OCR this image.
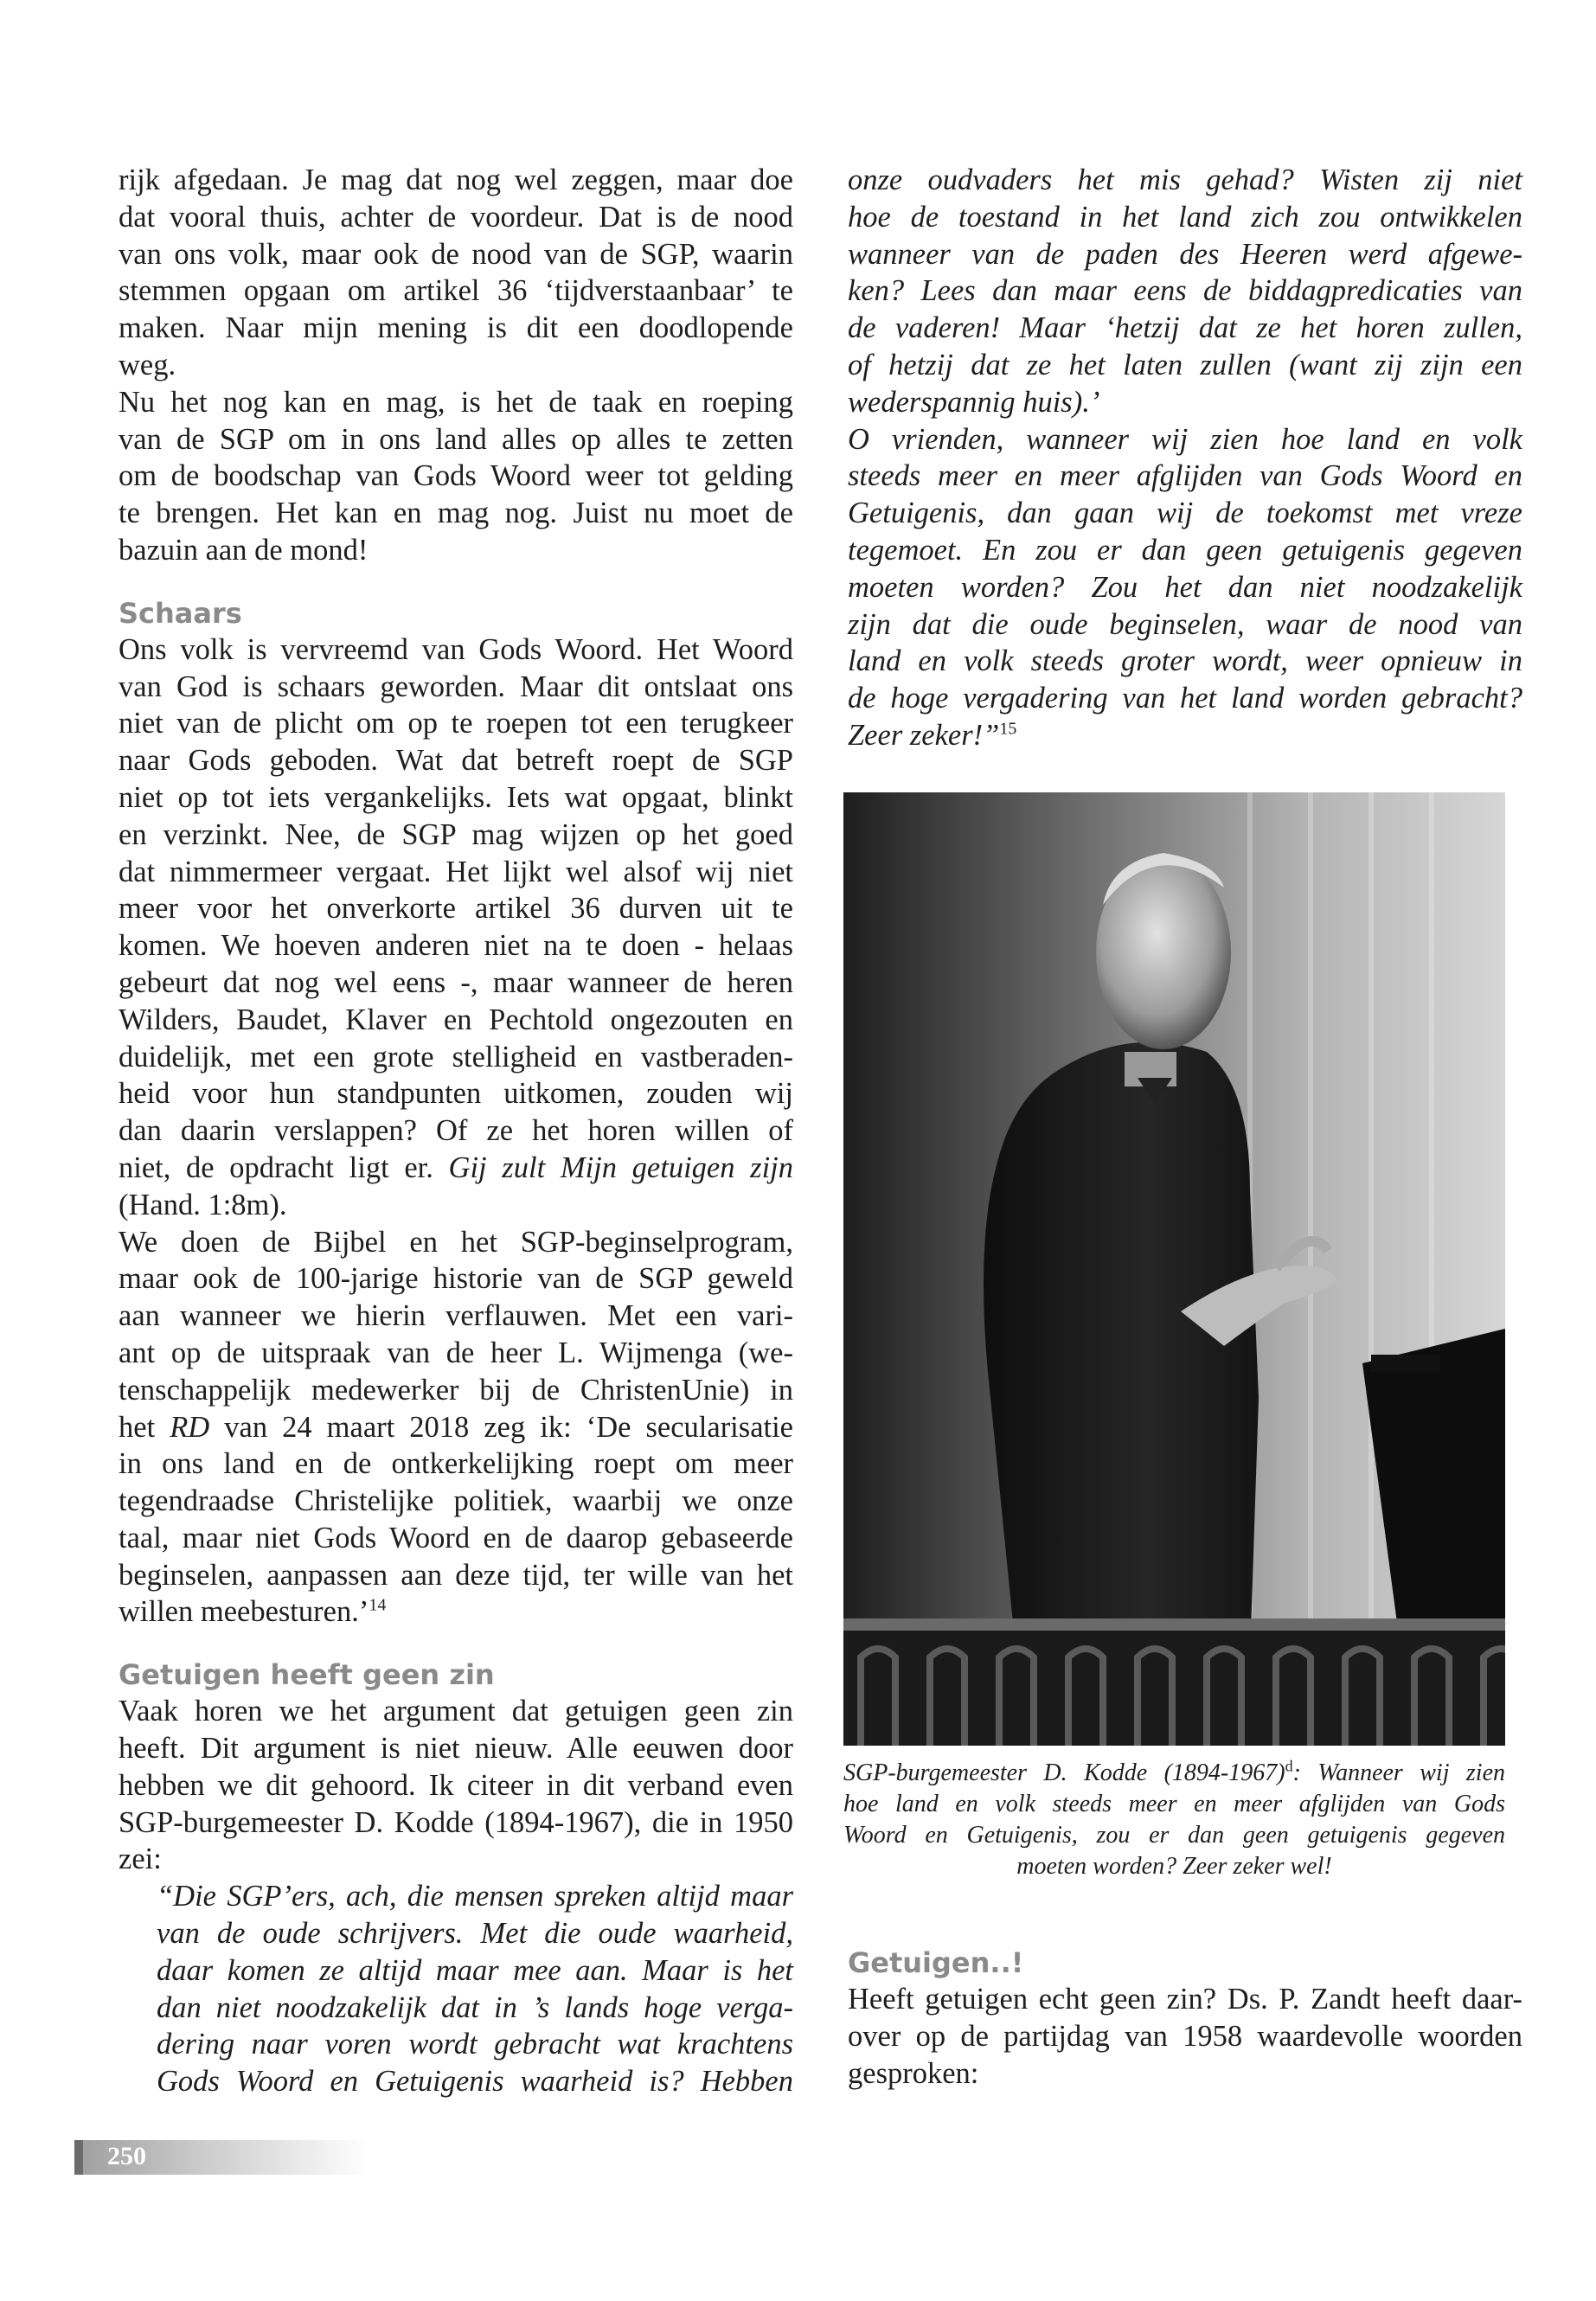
rijk afgedaan. Je mag dat nog wel zeggen, maar doe
dat vooral thuis, achter de voordeur. Dat is de nood
van ons volk, maar ook de nood van de SGP, waarin
stemmen opgaan om artikel 36 ‘tijdverstaanbaar’ te
maken. Naar mijn mening is dit een doodlopende
weg.

Nu het nog kan en mag, is het de taak en roeping
van de SGP om in ons land alles op alles te zetten
om de boodschap van Gods Woord weer tot gelding
te brengen. Het kan en mag nog. Juist nu moet de
bazuin aan de mond!

Schaars

Ons volk is vervreemd van Gods Woord. Het Woord
van God is schaars geworden. Maar dit ontslaat ons
niet van de plicht om op te roepen tot een terugkeer
naar Gods geboden. Wat dat betreft roept de SGP
niet op tot iets vergankelijks. Iets wat opgaat, blinkt
en verzinkt. Nee, de SGP mag wijzen op het goed
dat nimmermeer vergaat. Het lijkt wel alsof wij niet
meer voor het onverkorte artikel 36 durven uit te
komen. We hoeven anderen niet na te doen - helaas
gebeurt dat nog wel eens -, maar wanneer de heren
Wilders, Baudet, Klaver en Pechtold ongezouten en
duidelijk, met een grote stelligheid en vastberaden-
heid voor hun standpunten uitkomen, zouden wij
dan daarin verslappen? Of ze het horen willen of
niet, de opdracht ligt er. Gij zult Mijn getuigen zijn
(Hand. 1:8m).

We doen de Bijbel en het SGP-beginselprogram,
maar ook de 100-jarige historie van de SGP geweld
aan wanneer we hierin verflauwen. Met een vari-
ant op de uitspraak van de heer L. Wijmenga (we-
tenschappelijk medewerker bij de ChristenUnie) in
het RD van 24 maart 2018 zeg ik: ‘De secularisatie
in ons land en de ontkerkelijking roept om meer
tegendraadse Christelijke politiek, waarbij we onze
taal, maar niet Gods Woord en de daarop gebaseerde
beginselen, aanpassen aan deze tijd, ter wille van het
willen meebesturen.’$^{14}$

Getuigen heeft geen zin

Vaak horen we het argument dat getuigen geen zin
heeft. Dit argument is niet nieuw. Alle eeuwen door
hebben we dit gehoord. Ik citeer in dit verband even
SGP-burgemeester D. Kodde (1894-1967), die in 1950
zei:

“Die SGP’ers, ach, die mensen spreken altijd maar
van de oude schrijvers. Met die oude waarheid,
daar komen ze altijd maar mee aan. Maar is het
dan niet noodzakelijk dat in ’s lands hoge verga-
dering naar voren wordt gebracht wat krachtens
Gods Woord en Getuigenis waarheid is? Hebben

onze oudvaders het mis gehad? Wisten zij niet
hoe de toestand in het land zich zou ontwikkelen
wanneer van de paden des Heeren werd afgewe-
ken? Lees dan maar eens de biddagpredicaties van
de vaderen! Maar ‘hetzij dat ze het horen zullen,
of hetzij dat ze het laten zullen (want zij zijn een
wederspannig huis).’
O vrienden, wanneer wij zien hoe land en volk
steeds meer en meer afglijden van Gods Woord en
Getuigenis, dan gaan wij de toekomst met vreze
tegemoet. En zou er dan geen getuigenis gegeven
moeten worden? Zou het dan niet noodzakelijk
zijn dat die oude beginselen, waar de nood van
land en volk steeds groter wordt, weer opnieuw in
de hoge vergadering van het land worden gebracht?
Zeer zeker!”$^{15}$

SGP-burgemeester D. Kodde (1894-1967)$^d$: Wanneer wij zien
hoe land en volk steeds meer en meer afglijden van Gods
Woord en Getuigenis, zou er dan geen getuigenis gegeven
moeten worden? Zeer zeker wel!
Getuigen..!

Heeft getuigen echt geen zin? Ds. P. Zandt heeft daar-
over op de partijdag van 1958 waardevolle woorden
gesproken:

250
